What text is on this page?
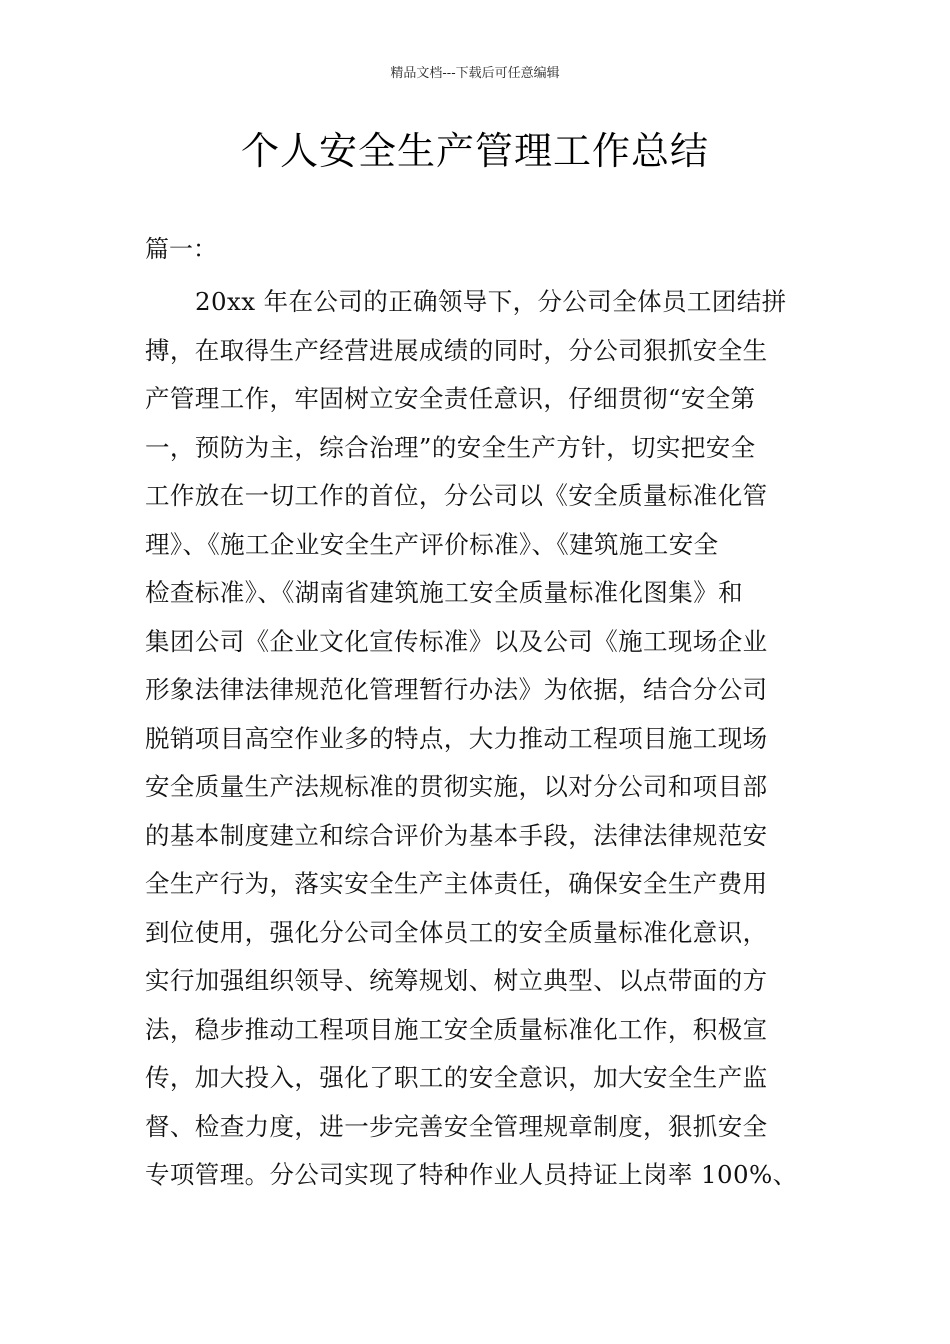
精品文档---下载后可任意编辑
个人安全生产管理工作总结
篇一：
20xx 年在公司的正确领导下，分公司全体员工团结拼
搏，在取得生产经营进展成绩的同时，分公司狠抓安全生
产管理工作，牢固树立安全责任意识，仔细贯彻“安全第
一，预防为主，综合治理”的安全生产方针，切实把安全
工作放在一切工作的首位，分公司以《安全质量标准化管
理》、《施工企业安全生产评价标准》、《建筑施工安全
检查标准》、《湖南省建筑施工安全质量标准化图集》和
集团公司《企业文化宣传标准》以及公司《施工现场企业
形象法律法律规范化管理暂行办法》为依据，结合分公司
脱销项目高空作业多的特点，大力推动工程项目施工现场
安全质量生产法规标准的贯彻实施，以对分公司和项目部
的基本制度建立和综合评价为基本手段，法律法律规范安
全生产行为，落实安全生产主体责任，确保安全生产费用
到位使用，强化分公司全体员工的安全质量标准化意识，
实行加强组织领导、统筹规划、树立典型、以点带面的方
法，稳步推动工程项目施工安全质量标准化工作，积极宣
传，加大投入，强化了职工的安全意识，加大安全生产监
督、检查力度，进一步完善安全管理规章制度，狠抓安全
专项管理。分公司实现了特种作业人员持证上岗率 100%、
